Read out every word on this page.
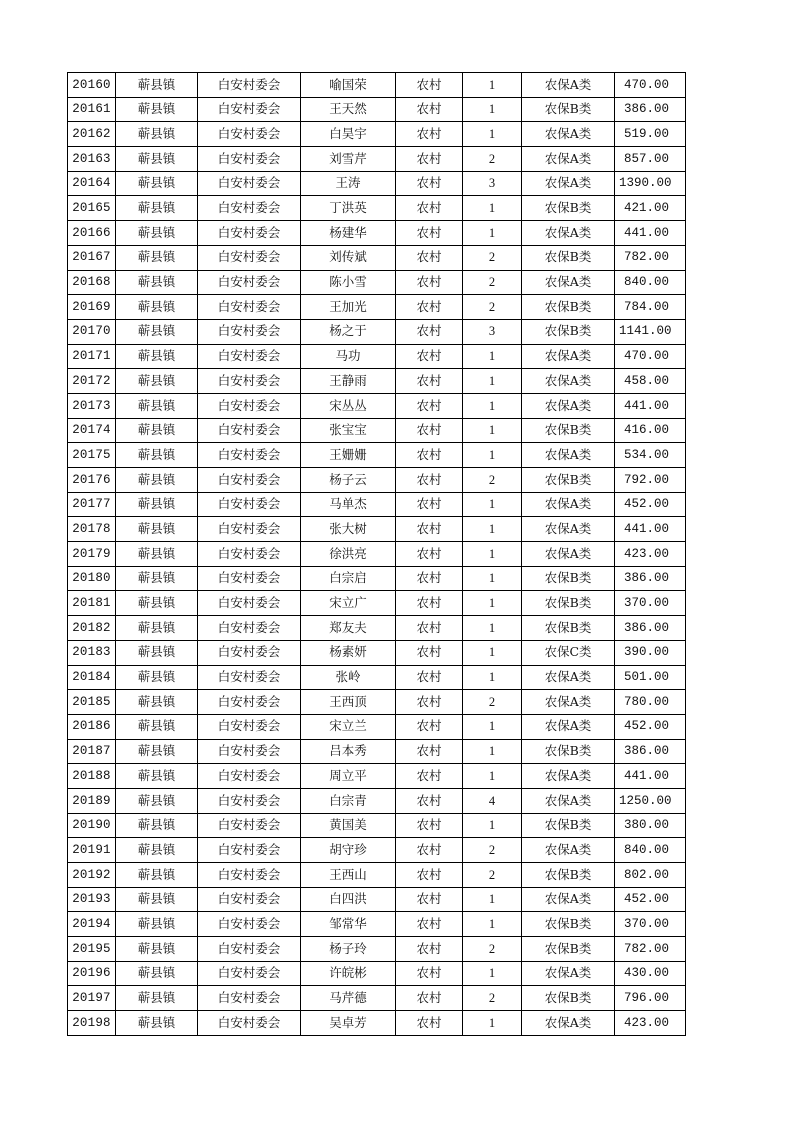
20160	蕲县镇	白安村委会	喻国荣	农村	1	农保A类	470.00
20161	蕲县镇	白安村委会	王天然	农村	1	农保B类	386.00
20162	蕲县镇	白安村委会	白昊宇	农村	1	农保A类	519.00
20163	蕲县镇	白安村委会	刘雪芹	农村	2	农保A类	857.00
20164	蕲县镇	白安村委会	王涛	农村	3	农保A类	1390.00
20165	蕲县镇	白安村委会	丁洪英	农村	1	农保B类	421.00
20166	蕲县镇	白安村委会	杨建华	农村	1	农保A类	441.00
20167	蕲县镇	白安村委会	刘传斌	农村	2	农保B类	782.00
20168	蕲县镇	白安村委会	陈小雪	农村	2	农保A类	840.00
20169	蕲县镇	白安村委会	王加光	农村	2	农保B类	784.00
20170	蕲县镇	白安村委会	杨之于	农村	3	农保B类	1141.00
20171	蕲县镇	白安村委会	马功	农村	1	农保A类	470.00
20172	蕲县镇	白安村委会	王静雨	农村	1	农保A类	458.00
20173	蕲县镇	白安村委会	宋丛丛	农村	1	农保A类	441.00
20174	蕲县镇	白安村委会	张宝宝	农村	1	农保B类	416.00
20175	蕲县镇	白安村委会	王姗姗	农村	1	农保A类	534.00
20176	蕲县镇	白安村委会	杨子云	农村	2	农保B类	792.00
20177	蕲县镇	白安村委会	马单杰	农村	1	农保A类	452.00
20178	蕲县镇	白安村委会	张大树	农村	1	农保A类	441.00
20179	蕲县镇	白安村委会	徐洪亮	农村	1	农保A类	423.00
20180	蕲县镇	白安村委会	白宗启	农村	1	农保B类	386.00
20181	蕲县镇	白安村委会	宋立广	农村	1	农保B类	370.00
20182	蕲县镇	白安村委会	郑友夫	农村	1	农保B类	386.00
20183	蕲县镇	白安村委会	杨素妍	农村	1	农保C类	390.00
20184	蕲县镇	白安村委会	张岭	农村	1	农保A类	501.00
20185	蕲县镇	白安村委会	王西顶	农村	2	农保A类	780.00
20186	蕲县镇	白安村委会	宋立兰	农村	1	农保A类	452.00
20187	蕲县镇	白安村委会	吕本秀	农村	1	农保B类	386.00
20188	蕲县镇	白安村委会	周立平	农村	1	农保A类	441.00
20189	蕲县镇	白安村委会	白宗青	农村	4	农保A类	1250.00
20190	蕲县镇	白安村委会	黄国美	农村	1	农保B类	380.00
20191	蕲县镇	白安村委会	胡守珍	农村	2	农保A类	840.00
20192	蕲县镇	白安村委会	王西山	农村	2	农保B类	802.00
20193	蕲县镇	白安村委会	白四洪	农村	1	农保A类	452.00
20194	蕲县镇	白安村委会	邹常华	农村	1	农保B类	370.00
20195	蕲县镇	白安村委会	杨子玲	农村	2	农保B类	782.00
20196	蕲县镇	白安村委会	许皖彬	农村	1	农保A类	430.00
20197	蕲县镇	白安村委会	马芹德	农村	2	农保B类	796.00
20198	蕲县镇	白安村委会	吴卓芳	农村	1	农保A类	423.00
